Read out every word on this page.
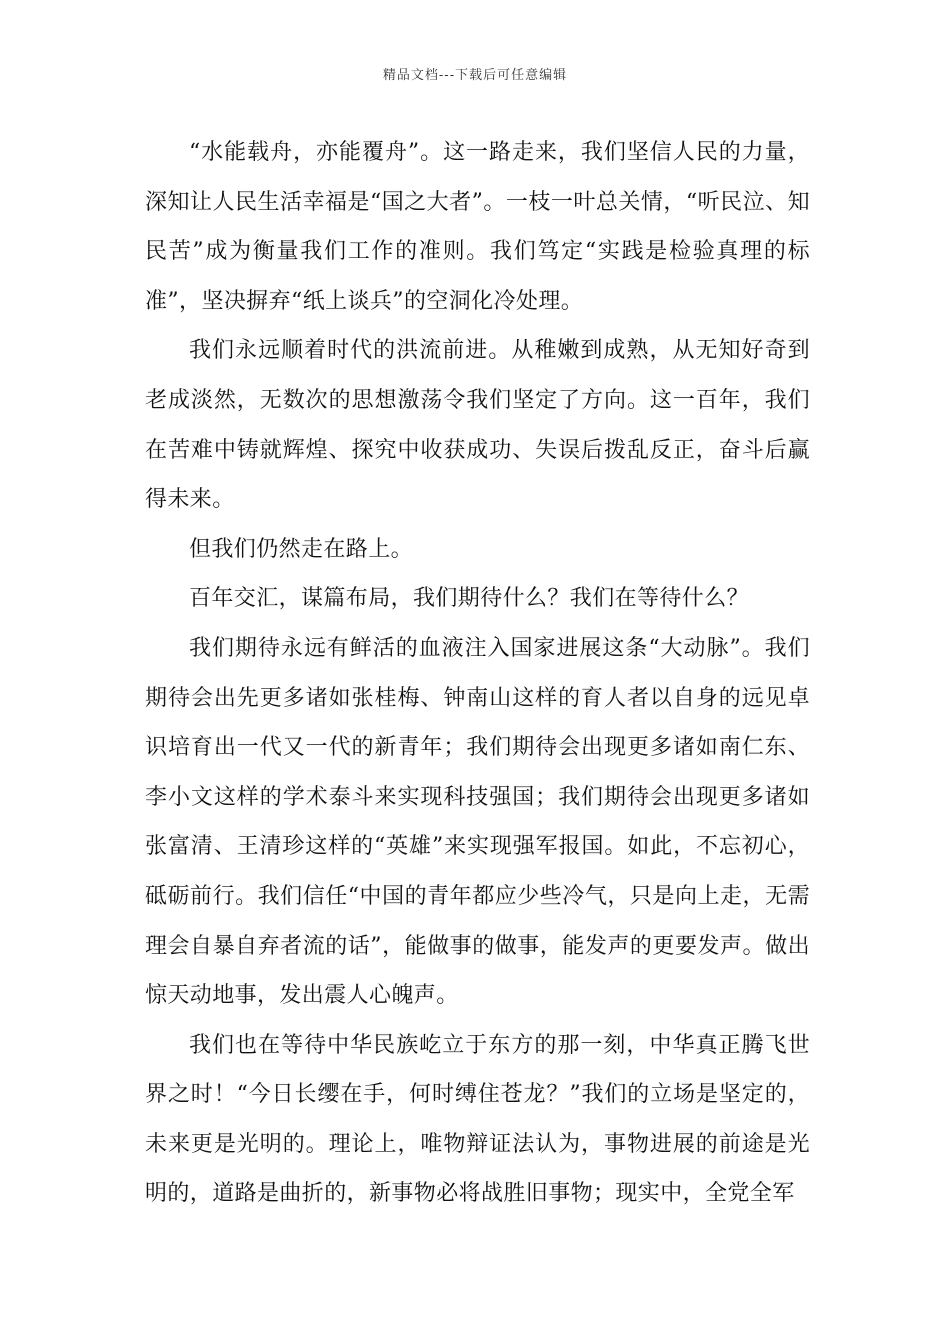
精品文档---下载后可任意编辑

“水能载舟，亦能覆舟”。这一路走来，我们坚信人民的力量，深知让人民生活幸福是“国之大者”。一枝一叶总关情，“听民泣、知民苦”成为衡量我们工作的准则。我们笃定“实践是检验真理的标准”，坚决摒弃“纸上谈兵”的空洞化冷处理。

我们永远顺着时代的洪流前进。从稚嫩到成熟，从无知好奇到老成淡然，无数次的思想激荡令我们坚定了方向。这一百年，我们在苦难中铸就辉煌、探究中收获成功、失误后拨乱反正，奋斗后赢得未来。

但我们仍然走在路上。

百年交汇，谋篇布局，我们期待什么？我们在等待什么？

我们期待永远有鲜活的血液注入国家进展这条“大动脉”。我们期待会出先更多诸如张桂梅、钟南山这样的育人者以自身的远见卓识培育出一代又一代的新青年；我们期待会出现更多诸如南仁东、李小文这样的学术泰斗来实现科技强国；我们期待会出现更多诸如张富清、王清珍这样的“英雄”来实现强军报国。如此，不忘初心，砥砺前行。我们信任“中国的青年都应少些冷气，只是向上走，无需理会自暴自弃者流的话”，能做事的做事，能发声的更要发声。做出惊天动地事，发出震人心魄声。

我们也在等待中华民族屹立于东方的那一刻，中华真正腾飞世界之时！“今日长缨在手，何时缚住苍龙？”我们的立场是坚定的，未来更是光明的。理论上，唯物辩证法认为，事物进展的前途是光明的，道路是曲折的，新事物必将战胜旧事物；现实中，全党全军
